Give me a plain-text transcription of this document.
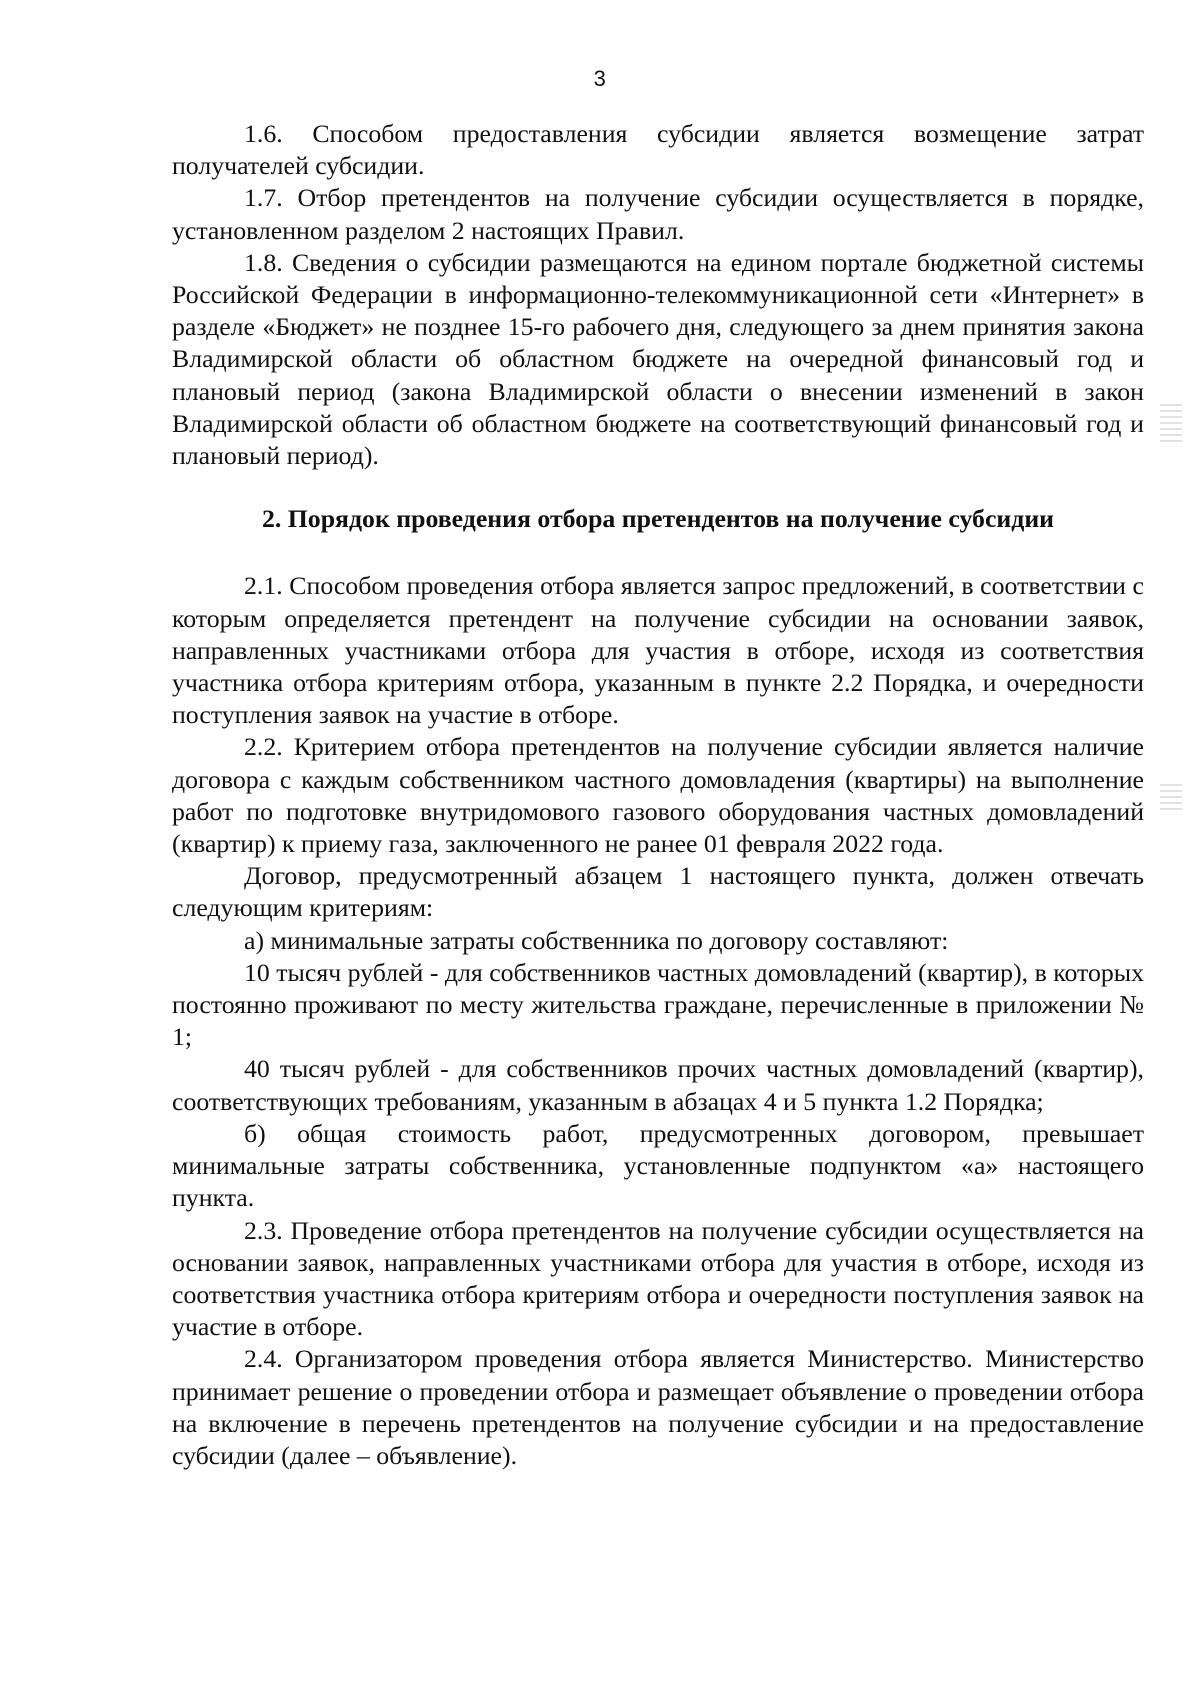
3

1.6. Способом предоставления субсидии является возмещение затрат получателей субсидии.

1.7. Отбор претендентов на получение субсидии осуществляется в порядке, установленном разделом 2 настоящих Правил.

1.8. Сведения о субсидии размещаются на едином портале бюджетной системы Российской Федерации в информационно-телекоммуникационной сети «Интернет» в разделе «Бюджет» не позднее 15-го рабочего дня, следующего за днем принятия закона Владимирской области об областном бюджете на очередной финансовый год и плановый период (закона Владимирской области о внесении изменений в закон Владимирской области об областном бюджете на соответствующий финансовый год и плановый период).

2. Порядок проведения отбора претендентов на получение субсидии

2.1. Способом проведения отбора является запрос предложений, в соответствии с которым определяется претендент на получение субсидии на основании заявок, направленных участниками отбора для участия в отборе, исходя из соответствия участника отбора критериям отбора, указанным в пункте 2.2 Порядка, и очередности поступления заявок на участие в отборе.

2.2. Критерием отбора претендентов на получение субсидии является наличие договора с каждым собственником частного домовладения (квартиры) на выполнение работ по подготовке внутридомового газового оборудования частных домовладений (квартир) к приему газа, заключенного не ранее 01 февраля 2022 года.

Договор, предусмотренный абзацем 1 настоящего пункта, должен отвечать следующим критериям:

а) минимальные затраты собственника по договору составляют:

10 тысяч рублей - для собственников частных домовладений (квартир), в которых постоянно проживают по месту жительства граждане, перечисленные в приложении № 1;

40 тысяч рублей - для собственников прочих частных домовладений (квартир), соответствующих требованиям, указанным в абзацах 4 и 5 пункта 1.2 Порядка;

б) общая стоимость работ, предусмотренных договором, превышает минимальные затраты собственника, установленные подпунктом «а» настоящего пункта.

2.3. Проведение отбора претендентов на получение субсидии осуществляется на основании заявок, направленных участниками отбора для участия в отборе, исходя из соответствия участника отбора критериям отбора и очередности поступления заявок на участие в отборе.

2.4. Организатором проведения отбора является Министерство. Министерство принимает решение о проведении отбора и размещает объявление о проведении отбора на включение в перечень претендентов на получение субсидии и на предоставление субсидии (далее – объявление).
